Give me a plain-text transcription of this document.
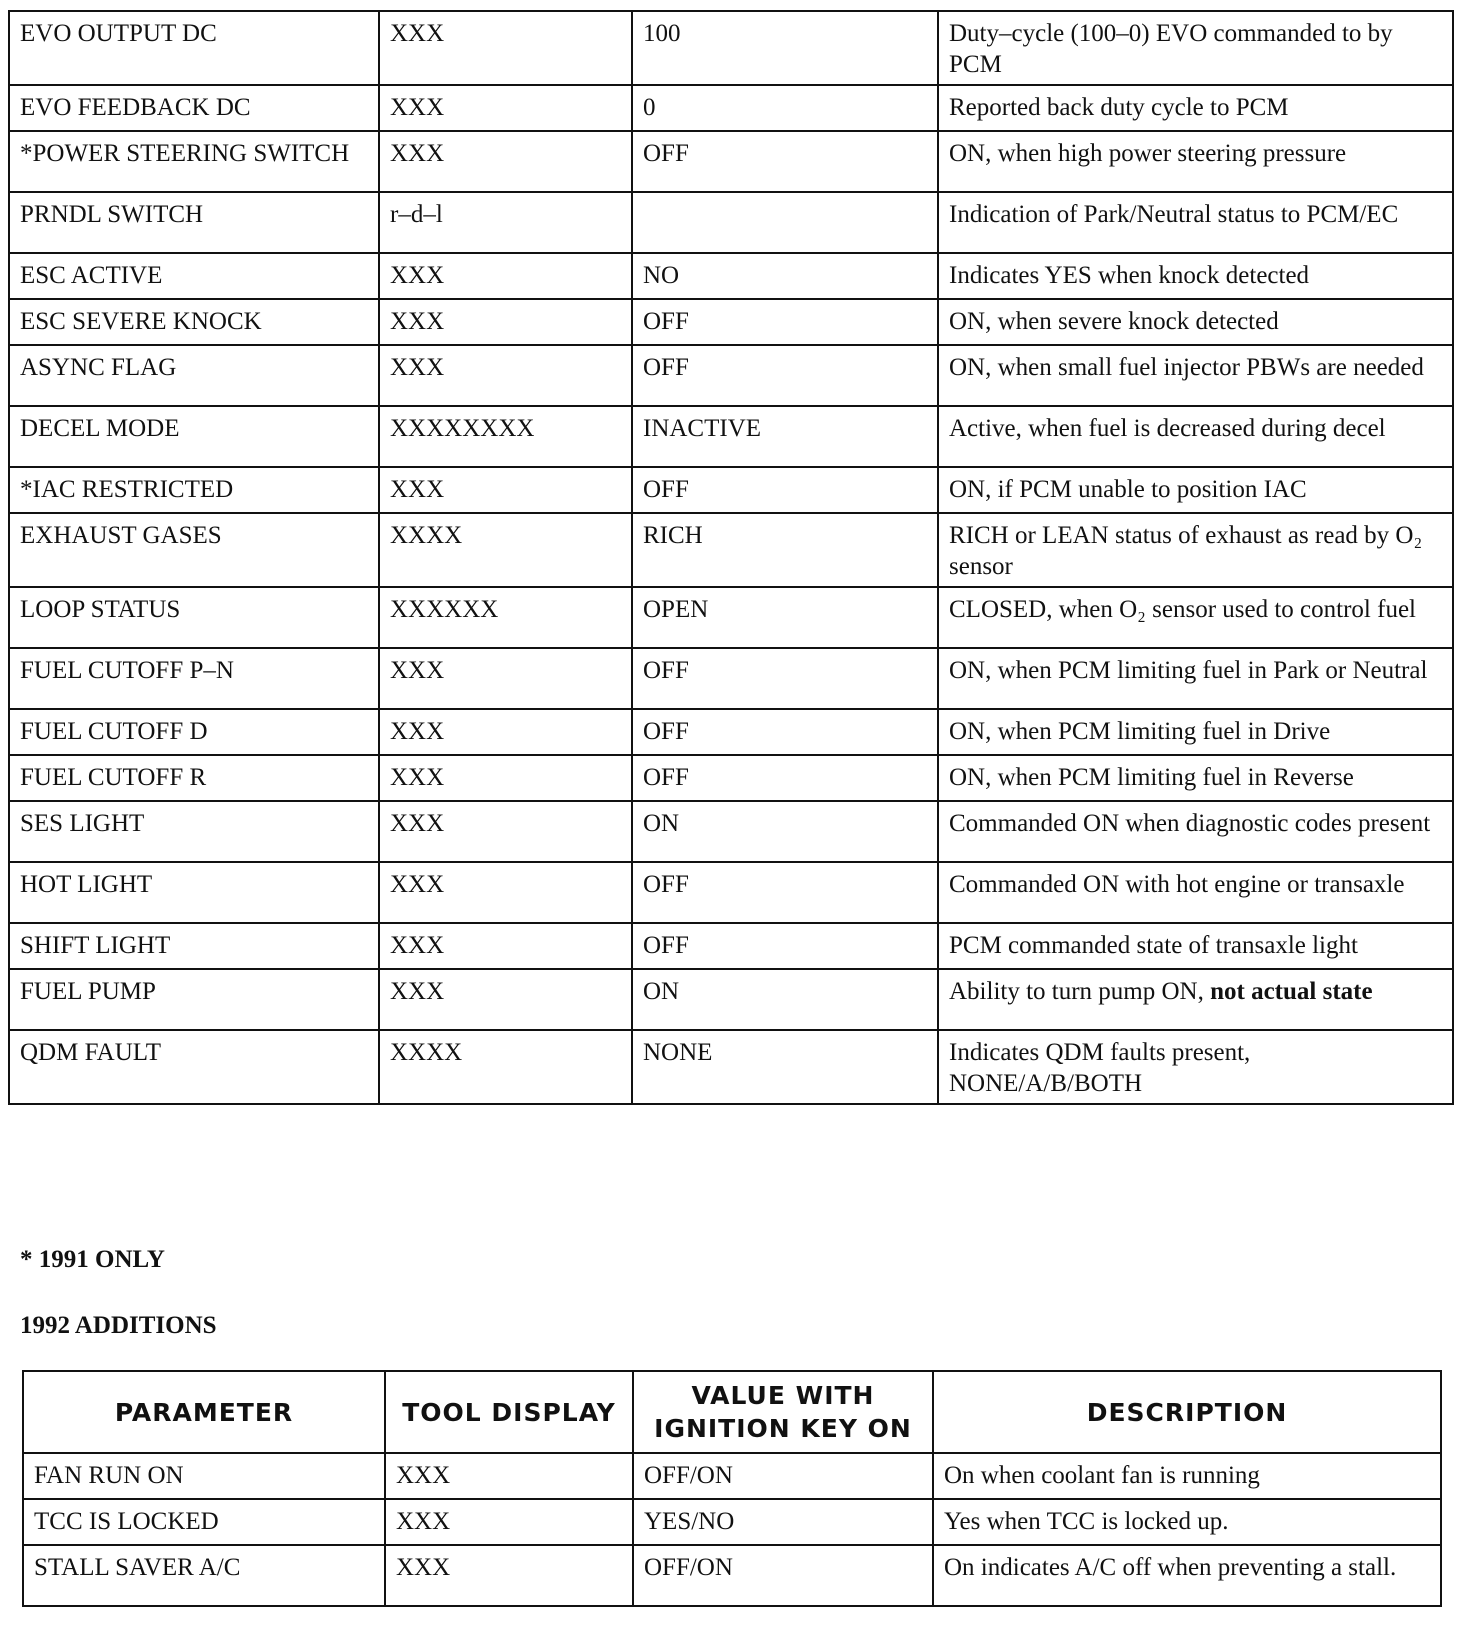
EVO OUTPUT DC	XXX	100	Duty–cycle (100–0) EVO commanded to by PCM
EVO FEEDBACK DC	XXX	0	Reported back duty cycle to PCM
*POWER STEERING SWITCH	XXX	OFF	ON, when high power steering pressure
PRNDL SWITCH	r–d–l		Indication of Park/Neutral status to PCM/EC
ESC ACTIVE	XXX	NO	Indicates YES when knock detected
ESC SEVERE KNOCK	XXX	OFF	ON, when severe knock detected
ASYNC FLAG	XXX	OFF	ON, when small fuel injector PBWs are needed
DECEL MODE	XXXXXXXX	INACTIVE	Active, when fuel is decreased during decel
*IAC RESTRICTED	XXX	OFF	ON, if PCM unable to position IAC
EXHAUST GASES	XXXX	RICH	RICH or LEAN status of exhaust as read by O₂ sensor
LOOP STATUS	XXXXXX	OPEN	CLOSED, when O₂ sensor used to control fuel
FUEL CUTOFF P–N	XXX	OFF	ON, when PCM limiting fuel in Park or Neutral
FUEL CUTOFF D	XXX	OFF	ON, when PCM limiting fuel in Drive
FUEL CUTOFF R	XXX	OFF	ON, when PCM limiting fuel in Reverse
SES LIGHT	XXX	ON	Commanded ON when diagnostic codes present
HOT LIGHT	XXX	OFF	Commanded ON with hot engine or transaxle
SHIFT LIGHT	XXX	OFF	PCM commanded state of transaxle light
FUEL PUMP	XXX	ON	Ability to turn pump ON, not actual state
QDM FAULT	XXXX	NONE	Indicates QDM faults present, NONE/A/B/BOTH
* 1991 ONLY
1992 ADDITIONS
PARAMETER	TOOL DISPLAY	VALUE WITH IGNITION KEY ON	DESCRIPTION
FAN RUN ON	XXX	OFF/ON	On when coolant fan is running
TCC IS LOCKED	XXX	YES/NO	Yes when TCC is locked up.
STALL SAVER A/C	XXX	OFF/ON	On indicates A/C off when preventing a stall.
